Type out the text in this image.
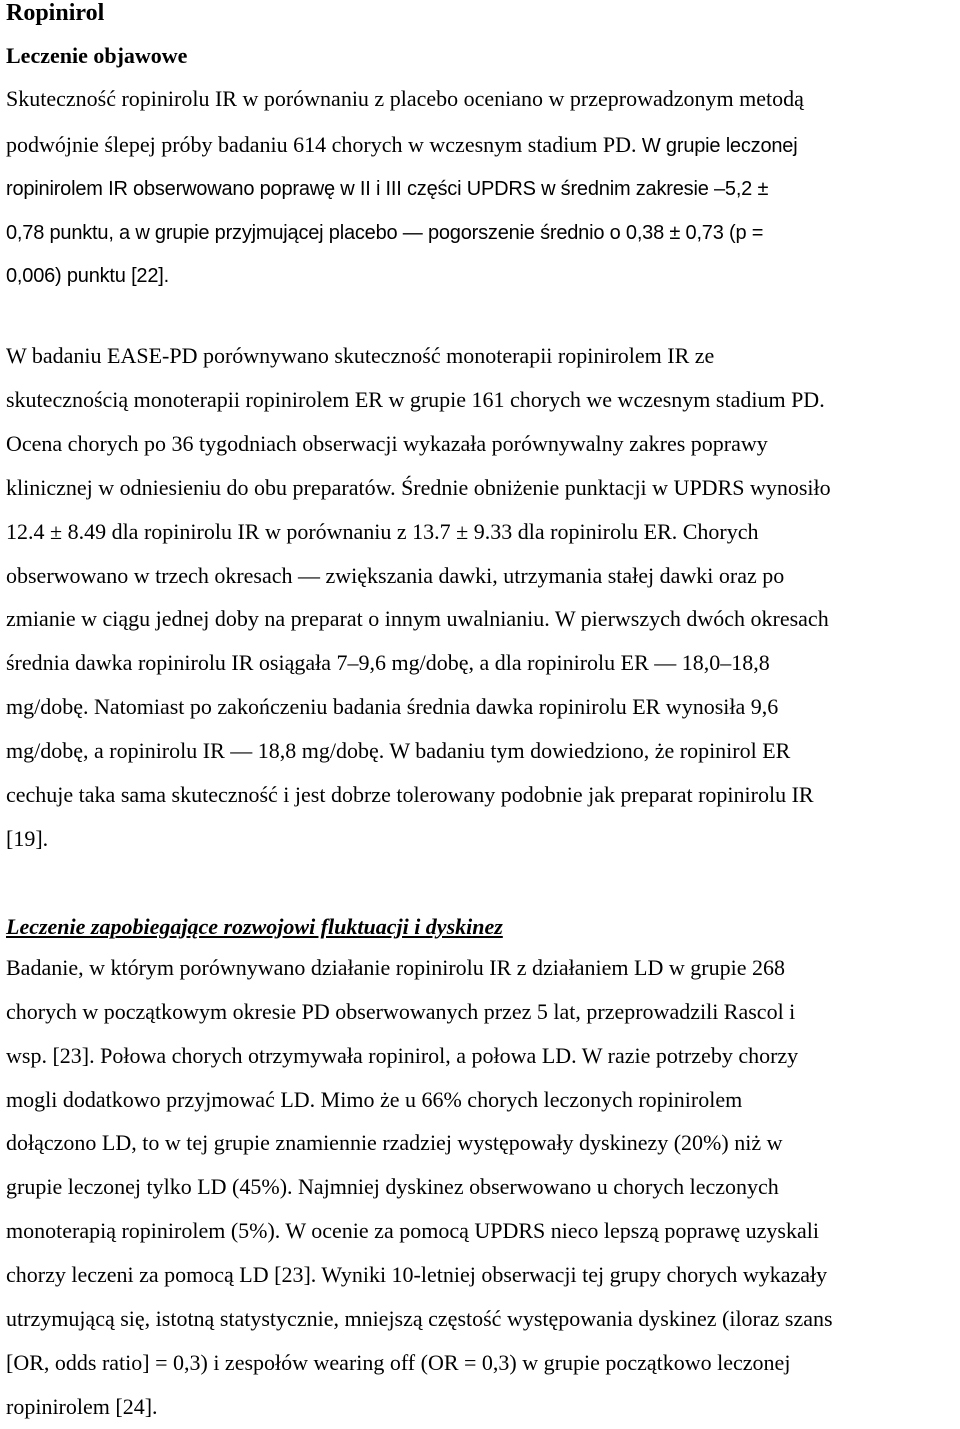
Ropinirol
Leczenie objawowe

Skuteczność ropinirolu IR w porównaniu z placebo oceniano w przeprowadzonym metodą
podwójnie ślepej próby badaniu 614 chorych w wczesnym stadium PD. W grupie leczonej
ropinirolem IR obserwowano poprawę w II i III części UPDRS w średnim zakresie –5,2 ±
0,78 punktu, a w grupie przyjmującej placebo — pogorszenie średnio o 0,38 ± 0,73 (p =
0,006) punktu [22].

W badaniu EASE-PD porównywano skuteczność monoterapii ropinirolem IR ze
skutecznością monoterapii ropinirolem ER w grupie 161 chorych we wczesnym stadium PD.
Ocena chorych po 36 tygodniach obserwacji wykazała porównywalny zakres poprawy
klinicznej w odniesieniu do obu preparatów. Średnie obniżenie punktacji w UPDRS wynosiło
12.4 ± 8.49 dla ropinirolu IR w porównaniu z 13.7 ± 9.33 dla ropinirolu ER. Chorych
obserwowano w trzech okresach — zwiększania dawki, utrzymania stałej dawki oraz po
zmianie w ciągu jednej doby na preparat o innym uwalnianiu. W pierwszych dwóch okresach
średnia dawka ropinirolu IR osiągała 7–9,6 mg/dobę, a dla ropinirolu ER — 18,0–18,8
mg/dobę. Natomiast po zakończeniu badania średnia dawka ropinirolu ER wynosiła 9,6
mg/dobę, a ropinirolu IR — 18,8 mg/dobę. W badaniu tym dowiedziono, że ropinirol ER
cechuje taka sama skuteczność i jest dobrze tolerowany podobnie jak preparat ropinirolu IR
[19].

Leczenie zapobiegające rozwojowi fluktuacji i dyskinez

Badanie, w którym porównywano działanie ropinirolu IR z działaniem LD w grupie 268
chorych w początkowym okresie PD obserwowanych przez 5 lat, przeprowadzili Rascol i
wsp. [23]. Połowa chorych otrzymywała ropinirol, a połowa LD. W razie potrzeby chorzy
mogli dodatkowo przyjmować LD. Mimo że u 66% chorych leczonych ropinirolem
dołączono LD, to w tej grupie znamiennie rzadziej występowały dyskinezy (20%) niż w
grupie leczonej tylko LD (45%). Najmniej dyskinez obserwowano u chorych leczonych
monoterapią ropinirolem (5%). W ocenie za pomocą UPDRS nieco lepszą poprawę uzyskali
chorzy leczeni za pomocą LD [23]. Wyniki 10-letniej obserwacji tej grupy chorych wykazały
utrzymującą się, istotną statystycznie, mniejszą częstość występowania dyskinez (iloraz szans
[OR, odds ratio] = 0,3) i zespołów wearing off (OR = 0,3) w grupie początkowo leczonej
ropinirolem [24].
